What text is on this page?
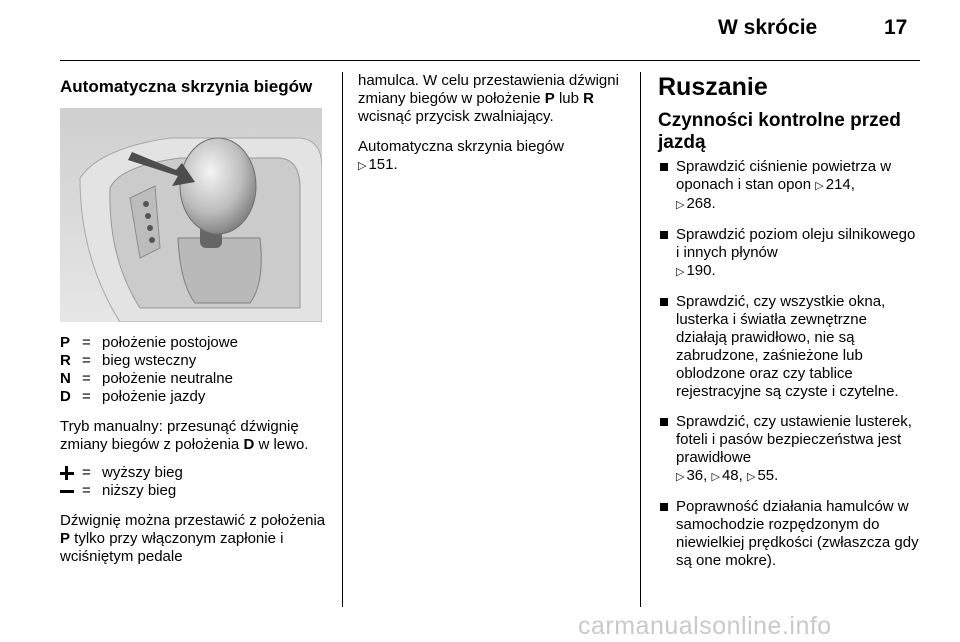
W skrócie	17
Automatyczna skrzynia biegów
P = położenie postojowe
R = bieg wsteczny
N = położenie neutralne
D = położenie jazdy

Tryb manualny: przesunąć dźwignię zmiany biegów z położenia D w lewo.

= wyższy bieg
= niższy bieg

Dźwignię można przestawić z położenia P tylko przy włączonym zapłonie i wciśniętym pedale

hamulca. W celu przestawienia dźwigni zmiany biegów w położenie P lub R wcisnąć przycisk zwalniający.

Automatyczna skrzynia biegów
▷ 151.

Ruszanie
Czynności kontrolne przed jazdą
Sprawdzić ciśnienie powietrza w oponach i stan opon ▷ 214,
▷ 268.
Sprawdzić poziom oleju silnikowego i innych płynów
▷ 190.
Sprawdzić, czy wszystkie okna, lusterka i światła zewnętrzne działają prawidłowo, nie są zabrudzone, zaśnieżone lub oblodzone oraz czy tablice rejestracyjne są czyste i czytelne.
Sprawdzić, czy ustawienie lusterek, foteli i pasów bezpieczeństwa jest prawidłowe
▷ 36, ▷ 48, ▷ 55.
Poprawność działania hamulców w samochodzie rozpędzonym do niewielkiej prędkości (zwłaszcza gdy są one mokre).
carmanualsonline.info
